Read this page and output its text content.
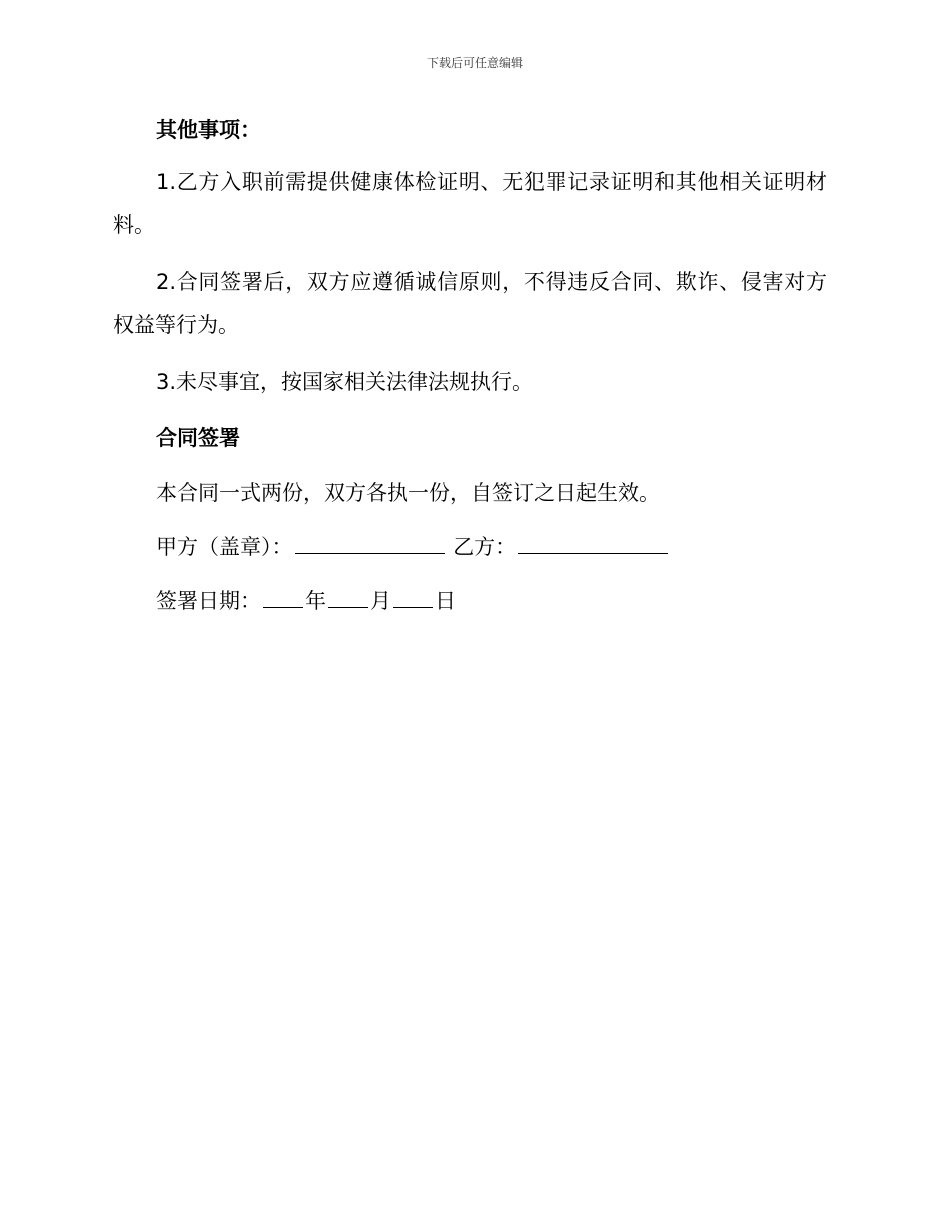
下载后可任意编辑
其他事项：

1.乙方入职前需提供健康体检证明、无犯罪记录证明和其他相关证明材料。

2.合同签署后，双方应遵循诚信原则，不得违反合同、欺诈、侵害对方权益等行为。

3.未尽事宜，按国家相关法律法规执行。

合同签署

本合同一式两份，双方各执一份，自签订之日起生效。

甲方（盖章）：	乙方：

签署日期： 年 月 日
